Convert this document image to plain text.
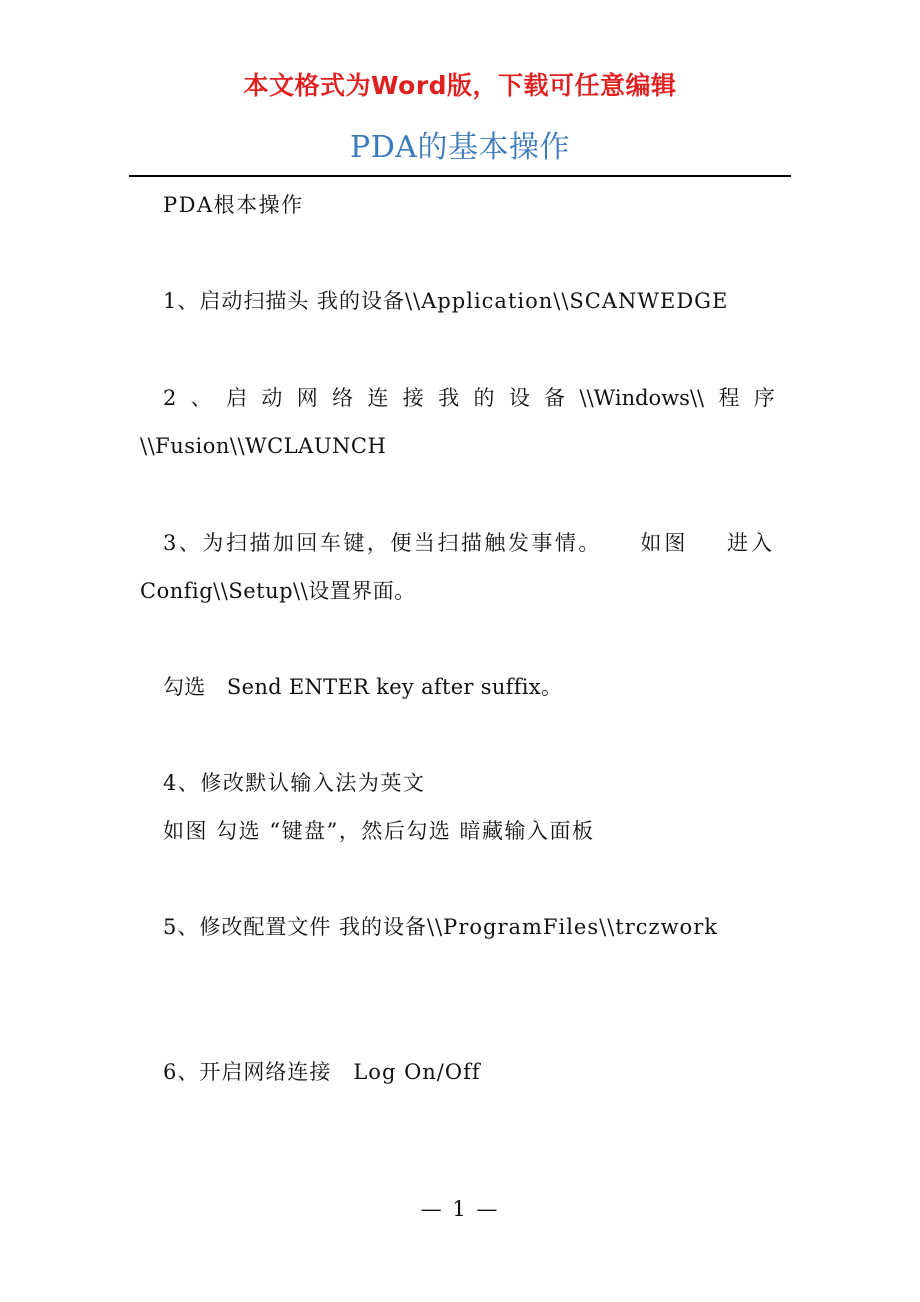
本文格式为Word版，下载可任意编辑
PDA的基本操作
PDA根本操作
1、启动扫描头 我的设备\\Application\\SCANWEDGE
2 、 启 动 网 络 连 接 我 的 设 备 \\Windows\\ 程 序
\\Fusion\\WCLAUNCH
3、为扫描加回车键，便当扫描触发事情。 如图 进入
Config\\Setup\\设置界面。
勾选　Send ENTER key after suffix。
4、修改默认输入法为英文
如图 勾选 “键盘”，然后勾选 暗藏输入面板
5、修改配置文件 我的设备\\ProgramFiles\\trczwork
6、开启网络连接　Log On/Off
— 1 —
